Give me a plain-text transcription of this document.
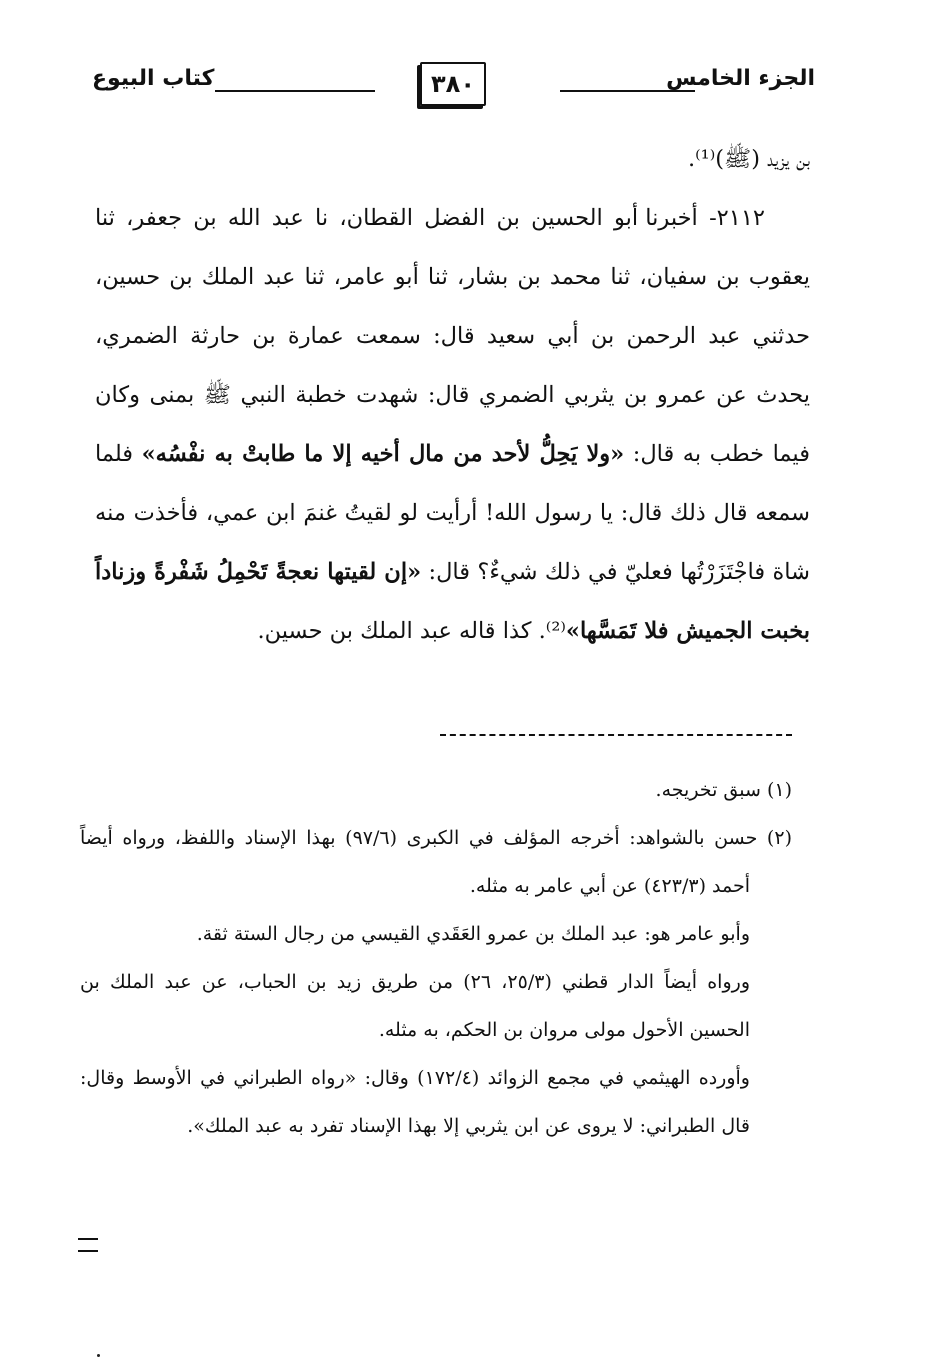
الجزء الخامس
٣٨٠
كتاب البيوع

بن يزيد (ﷺ)⁽¹⁾.

٢١١٢- أخبرنا أبو الحسين بن الفضل القطان، نا عبد الله بن جعفر، ثنا يعقوب بن سفيان، ثنا محمد بن بشار، ثنا أبو عامر، ثنا عبد الملك بن حسين، حدثني عبد الرحمن بن أبي سعيد قال: سمعت عمارة بن حارثة الضمري، يحدث عن عمرو بن يثربي الضمري قال: شهدت خطبة النبي ﷺ بمنى وكان فيما خطب به قال: «ولا يَحِلُّ لأحد من مال أخيه إلا ما طابتْ به نفْسُه» فلما سمعه قال ذلك قال: يا رسول الله! أرأيت لو لقيتُ غنمَ ابن عمي، فأخذت منه شاة فاجْتَزَرْتُها فعليّ في ذلك شيءٌ؟ قال: «إن لقيتها نعجةً تَحْمِلُ شَفْرةً وزناداً بخبت الجميش فلا تَمَسَّها»⁽²⁾. كذا قاله عبد الملك بن حسين.

(١) سبق تخريجه.

(٢) حسن بالشواهد: أخرجه المؤلف في الكبرى (٩٧/٦) بهذا الإسناد واللفظ، ورواه أيضاً أحمد (٤٢٣/٣) عن أبي عامر به مثله.

وأبو عامر هو: عبد الملك بن عمرو العَقَدي القيسي من رجال الستة ثقة.

ورواه أيضاً الدار قطني (٢٥/٣، ٢٦) من طريق زيد بن الحباب، عن عبد الملك بن الحسين الأحول مولى مروان بن الحكم، به مثله.

وأورده الهيثمي في مجمع الزوائد (١٧٢/٤) وقال: «رواه الطبراني في الأوسط وقال: قال الطبراني: لا يروى عن ابن يثربي إلا بهذا الإسناد تفرد به عبد الملك».
